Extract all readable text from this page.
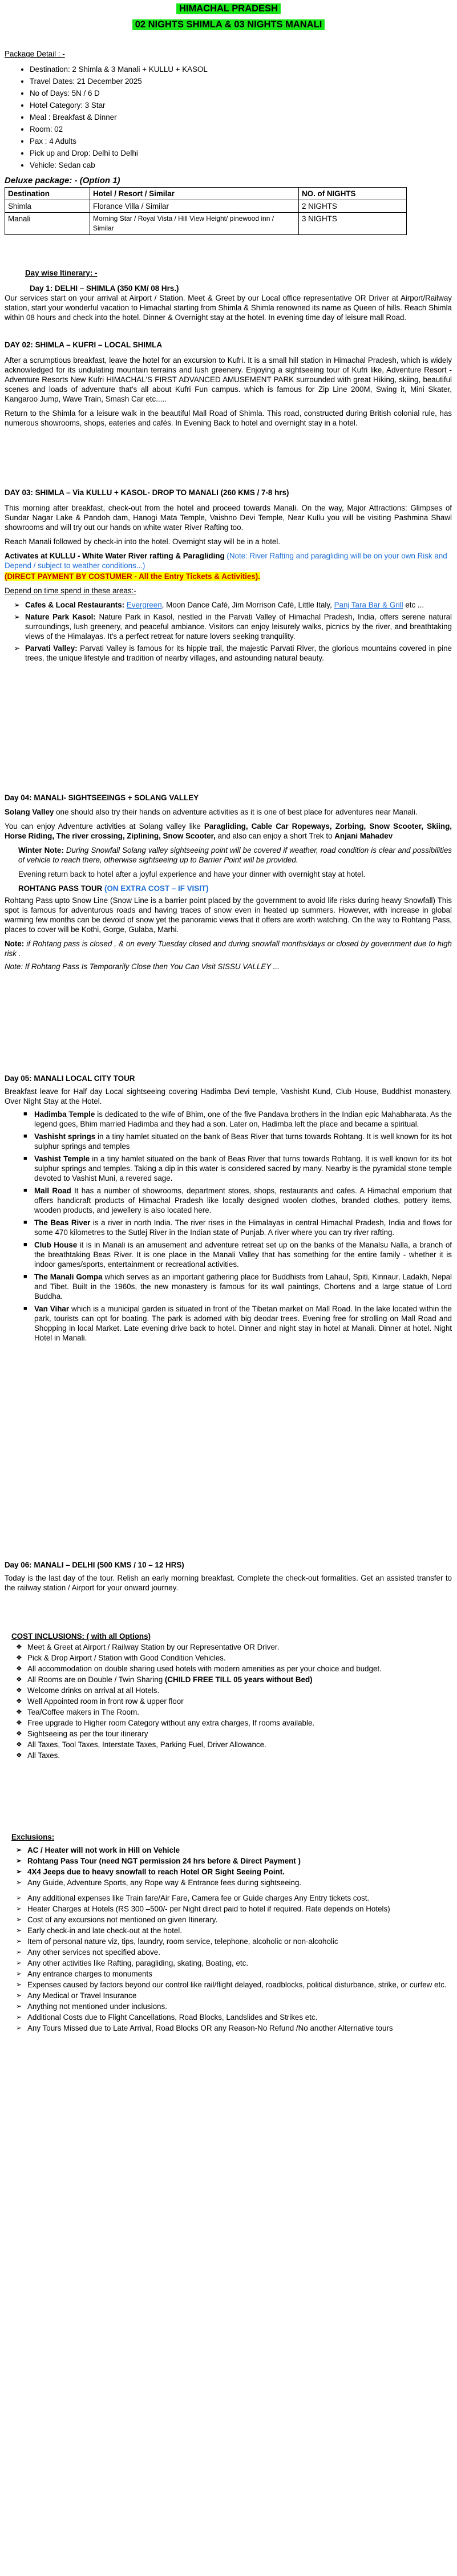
HIMACHAL PRADESH
02 NIGHTS SHIMLA & 03 NIGHTS MANALI
Package Detail : -
• Destination: 2 Shimla & 3 Manali + KULLU + KASOL
• Travel Dates: 21 December 2025
• No of Days: 5N / 6 D
• Hotel Category: 3 Star
• Meal : Breakfast & Dinner
• Room: 02
• Pax : 4 Adults
• Pick up and Drop: Delhi to Delhi
• Vehicle: Sedan cab
Deluxe package: - (Option 1)
Destination	Hotel / Resort / Similar	NO. of NIGHTS
Shimla	Florance Villa / Similar	2 NIGHTS
Manali	Morning Star / Royal Vista / Hill View Height/ pinewood inn / Similar	3 NIGHTS
Day wise Itinerary: -
Day 1: DELHI – SHIMLA (350 KM/ 08 Hrs.)
Our services start on your arrival at Airport / Station. Meet & Greet by our Local office representative OR Driver at Airport/Railway station, start your wonderful vacation to Himachal starting from Shimla & Shimla renowned its name as Queen of hills. Reach Shimla within 08 hours and check into the hotel. Dinner & Overnight stay at the hotel. In evening time day of leisure mall Road.
DAY 02: SHIMLA – KUFRI – LOCAL SHIMLA
After a scrumptious breakfast, leave the hotel for an excursion to Kufri. It is a small hill station in Himachal Pradesh, which is widely acknowledged for its undulating mountain terrains and lush greenery. Enjoying a sightseeing tour of Kufri like, Adventure Resort -Adventure Resorts New Kufri HIMACHAL'S FIRST ADVANCED AMUSEMENT PARK surrounded with great Hiking, skiing, beautiful scenes and loads of adventure that's all about Kufri Fun campus. which is famous for Zip Line 200M, Swing it, Mini Skater, Kangaroo Jump, Wave Train, Smash Car etc.....
Return to the Shimla for a leisure walk in the beautiful Mall Road of Shimla. This road, constructed during British colonial rule, has numerous showrooms, shops, eateries and cafés. In Evening Back to hotel and overnight stay in a hotel.
DAY 03: SHIMLA – Via KULLU + KASOL- DROP TO MANALI (260 KMS / 7-8 hrs)
This morning after breakfast, check-out from the hotel and proceed towards Manali. On the way, Major Attractions: Glimpses of Sundar Nagar Lake & Pandoh dam, Hanogi Mata Temple, Vaishno Devi Temple, Near Kullu you will be visiting Pashmina Shawl showrooms and will try out our hands on white water River Rafting too.
Reach Manali followed by check-in into the hotel. Overnight stay will be in a hotel.
Activates at KULLU - White Water River rafting & Paragliding (Note: River Rafting and paragliding will be on your own Risk and Depend / subject to weather conditions...)
(DIRECT PAYMENT BY COSTUMER - All the Entry Tickets & Activities).
Depend on time spend in these areas:-
➢ Cafes & Local Restaurants: Evergreen, Moon Dance Café, Jim Morrison Café, Little Italy, Panj Tara Bar & Grill etc ...
➢ Nature Park Kasol: Nature Park in Kasol, nestled in the Parvati Valley of Himachal Pradesh, India, offers serene natural surroundings, lush greenery, and peaceful ambiance. Visitors can enjoy leisurely walks, picnics by the river, and breathtaking views of the Himalayas. It's a perfect retreat for nature lovers seeking tranquility.
➢ Parvati Valley: Parvati Valley is famous for its hippie trail, the majestic Parvati River, the glorious mountains covered in pine trees, the unique lifestyle and tradition of nearby villages, and astounding natural beauty.
Day 04: MANALI- SIGHTSEEINGS + SOLANG VALLEY
Solang Valley one should also try their hands on adventure activities as it is one of best place for adventures near Manali.
You can enjoy Adventure activities at Solang valley like Paragliding, Cable Car Ropeways, Zorbing, Snow Scooter, Skiing, Horse Riding, The river crossing, Ziplining, Snow Scooter, and also can enjoy a short Trek to Anjani Mahadev
Winter Note: During Snowfall Solang valley sightseeing point will be covered if weather, road condition is clear and possibilities of vehicle to reach there, otherwise sightseeing up to Barrier Point will be provided.
Evening return back to hotel after a joyful experience and have your dinner with overnight stay at hotel.
ROHTANG PASS TOUR (ON EXTRA COST – IF VISIT)
Rohtang Pass upto Snow Line (Snow Line is a barrier point placed by the government to avoid life risks during heavy Snowfall) This spot is famous for adventurous roads and having traces of snow even in heated up summers. However, with increase in global warming few months can be devoid of snow yet the panoramic views that it offers are worth watching. On the way to Rohtang Pass, places to cover will be Kothi, Gorge, Gulaba, Marhi.
Note: if Rohtang pass is closed , & on every Tuesday closed and during snowfall months/days or closed by government due to high risk .
Note: If Rohtang Pass Is Temporarily Close then You Can Visit SISSU VALLEY ...
Day 05: MANALI LOCAL CITY TOUR
Breakfast leave for Half day Local sightseeing covering Hadimba Devi temple, Vashisht Kund, Club House, Buddhist monastery. Over Night Stay at the Hotel.
■ Hadimba Temple is dedicated to the wife of Bhim, one of the five Pandava brothers in the Indian epic Mahabharata. As the legend goes, Bhim married Hadimba and they had a son. Later on, Hadimba left the place and became a spiritual.
■ Vashisht springs in a tiny hamlet situated on the bank of Beas River that turns towards Rohtang. It is well known for its hot sulphur springs and temples
■ Vashist Temple in a tiny hamlet situated on the bank of Beas River that turns towards Rohtang. It is well known for its hot sulphur springs and temples. Taking a dip in this water is considered sacred by many. Nearby is the pyramidal stone temple devoted to Vashist Muni, a revered sage.
■ Mall Road It has a number of showrooms, department stores, shops, restaurants and cafes. A Himachal emporium that offers handicraft products of Himachal Pradesh like locally designed woolen clothes, branded clothes, pottery items, wooden products, and jewellery is also located here.
■ The Beas River is a river in north India. The river rises in the Himalayas in central Himachal Pradesh, India and flows for some 470 kilometres to the Sutlej River in the Indian state of Punjab. A river where you can try river rafting.
■ Club House it is in Manali is an amusement and adventure retreat set up on the banks of the Manalsu Nalla, a branch of the breathtaking Beas River. It is one place in the Manali Valley that has something for the entire family - whether it is indoor games/sports, entertainment or recreational activities.
■ The Manali Gompa which serves as an important gathering place for Buddhists from Lahaul, Spiti, Kinnaur, Ladakh, Nepal and Tibet. Built in the 1960s, the new monastery is famous for its wall paintings, Chortens and a large statue of Lord Buddha.
■ Van Vihar which is a municipal garden is situated in front of the Tibetan market on Mall Road. In the lake located within the park, tourists can opt for boating. The park is adorned with big deodar trees. Evening free for strolling on Mall Road and Shopping in local Market. Late evening drive back to hotel. Dinner and night stay in hotel at Manali. Dinner at hotel. Night Hotel in Manali.
Day 06: MANALI – DELHI (500 KMS / 10 – 12 HRS)
Today is the last day of the tour. Relish an early morning breakfast. Complete the check-out formalities. Get an assisted transfer to the railway station / Airport for your onward journey.
COST INCLUSIONS: ( with all Options)
❖ Meet & Greet at Airport / Railway Station by our Representative OR Driver.
❖ Pick & Drop Airport / Station with Good Condition Vehicles.
❖ All accommodation on double sharing used hotels with modern amenities as per your choice and budget.
❖ All Rooms are on Double / Twin Sharing (CHILD FREE TILL 05 years without Bed)
❖ Welcome drinks on arrival at all Hotels.
❖ Well Appointed room in front row & upper floor
❖ Tea/Coffee makers in The Room.
❖ Free upgrade to Higher room Category without any extra charges, If rooms available.
❖ Sightseeing as per the tour itinerary
❖ All Taxes, Tool Taxes, Interstate Taxes, Parking Fuel, Driver Allowance.
❖ All Taxes.
Exclusions:
➢ AC / Heater will not work in Hill on Vehicle
➢ Rohtang Pass Tour (need NGT permission 24 hrs before & Direct Payment )
➢ 4X4 Jeeps due to heavy snowfall to reach Hotel OR Sight Seeing Point.
➢ Any Guide, Adventure Sports, any Rope way & Entrance fees during sightseeing.
➢ Any additional expenses like Train fare/Air Fare, Camera fee or Guide charges Any Entry tickets cost.
➢ Heater Charges at Hotels (RS 300 –500/- per Night direct paid to hotel if required. Rate depends on Hotels)
➢ Cost of any excursions not mentioned on given Itinerary.
➢ Early check-in and late check-out at the hotel.
➢ Item of personal nature viz, tips, laundry, room service, telephone, alcoholic or non-alcoholic
➢ Any other services not specified above.
➢ Any other activities like Rafting, paragliding, skating, Boating, etc.
➢ Any entrance charges to monuments
➢ Expenses caused by factors beyond our control like rail/flight delayed, roadblocks, political disturbance, strike, or curfew etc.
➢ Any Medical or Travel Insurance
➢ Anything not mentioned under inclusions.
➢ Additional Costs due to Flight Cancellations, Road Blocks, Landslides and Strikes etc.
➢ Any Tours Missed due to Late Arrival, Road Blocks OR any Reason-No Refund /No another Alternative tours
